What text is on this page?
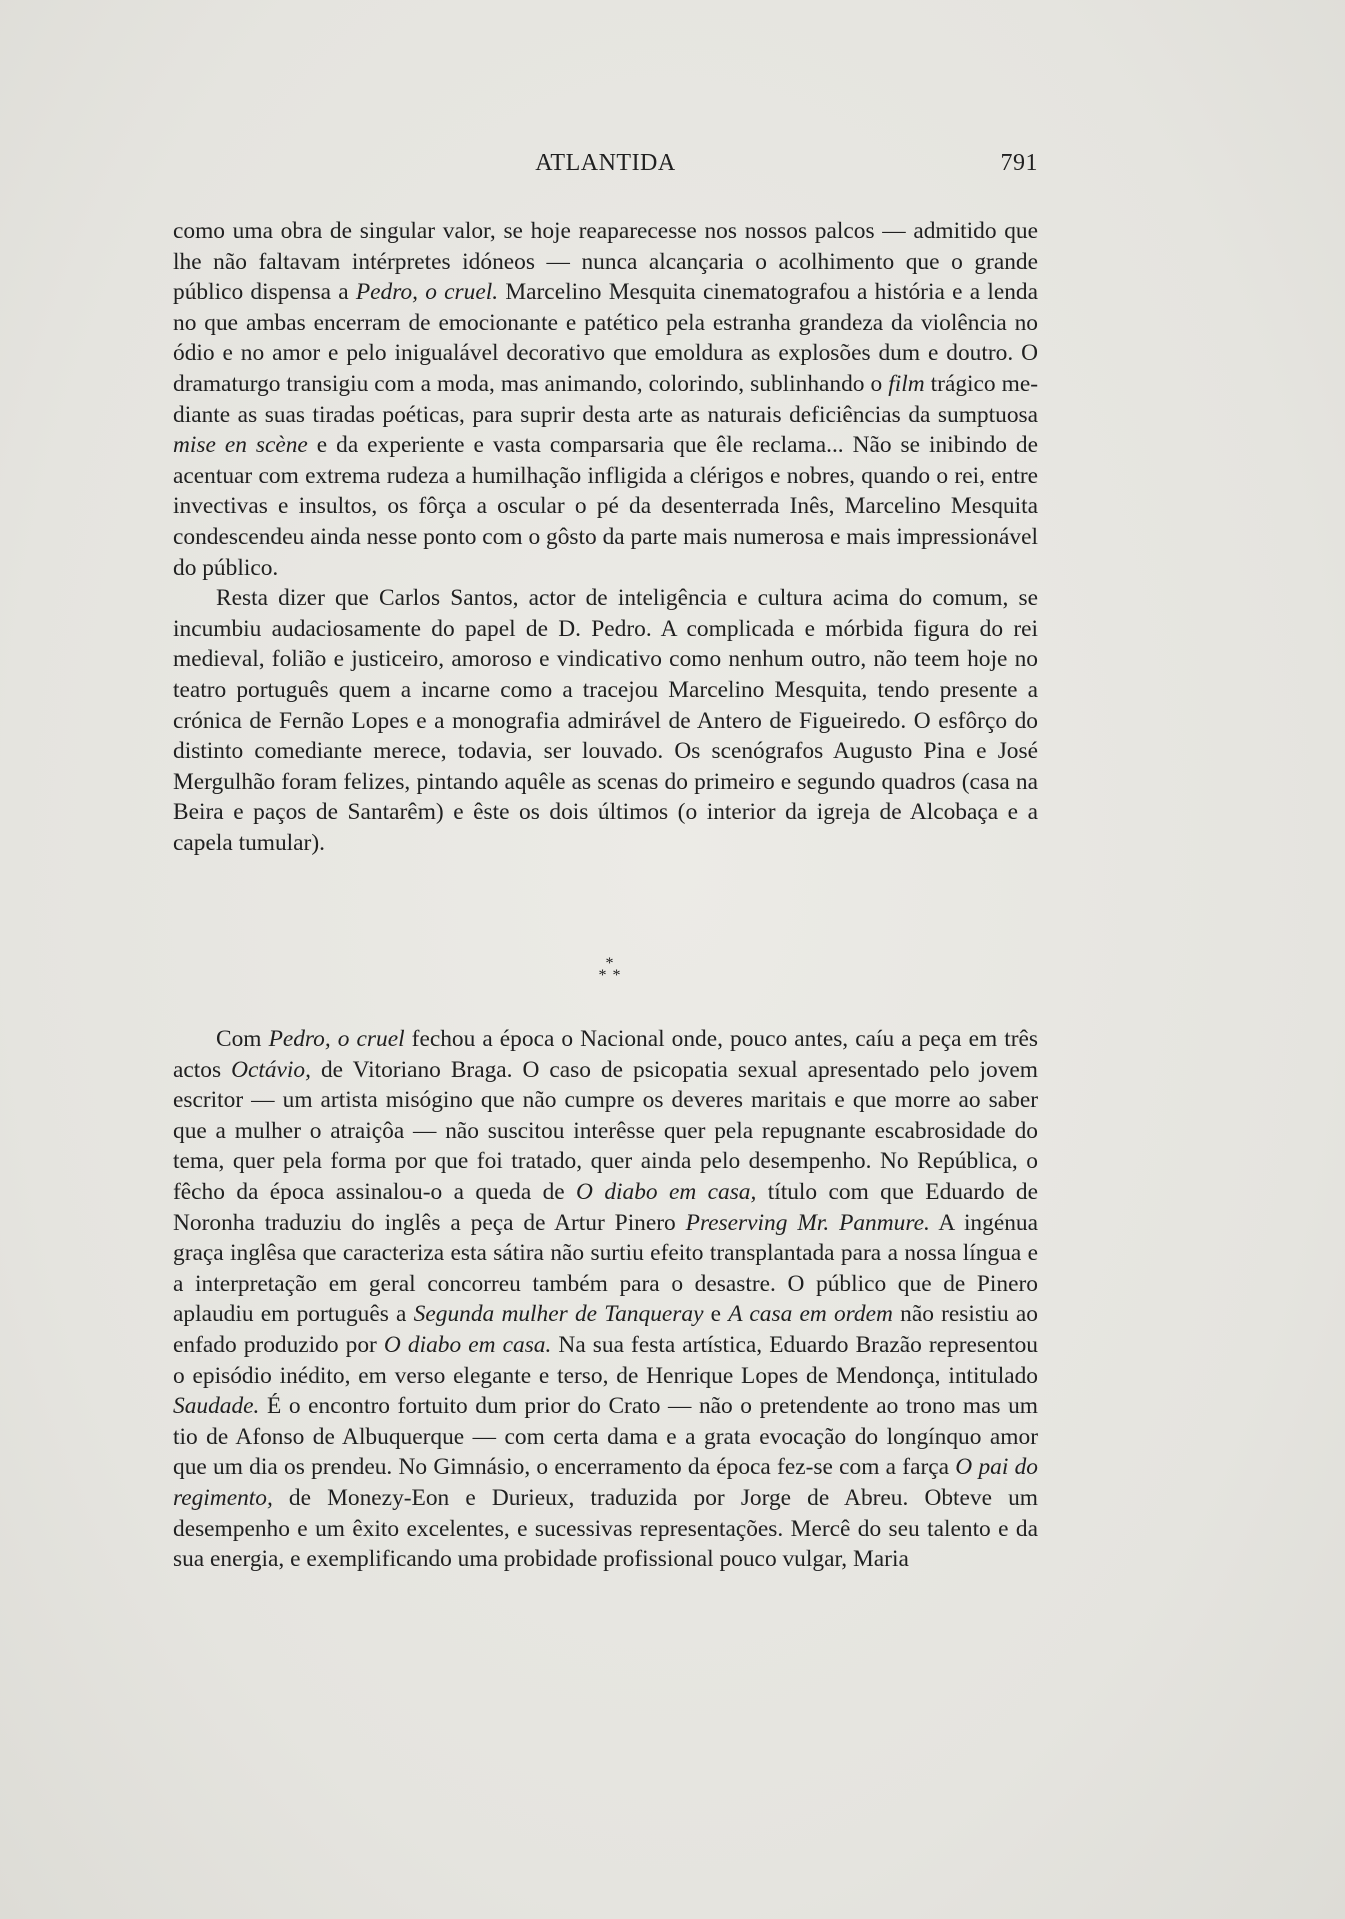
ATLANTIDA	791

como uma obra de singular valor, se hoje reaparecesse nos nossos palcos — admitido que lhe não faltavam intérpretes idóneos — nunca alcançaria o acolhimento que o grande público dispensa a Pedro, o cruel. Marcelino Mesquita cinematografou a história e a lenda no que ambas encerram de emocionante e patético pela estranha grandeza da violência no ódio e no amor e pelo inigualável decorativo que emoldura as explosões dum e doutro. O dramaturgo transigiu com a moda, mas animando, colorindo, sublinhando o film trágico mediante as suas tiradas poéticas, para suprir desta arte as naturais deficiências da sumptuosa mise en scène e da experiente e vasta comparsaria que êle reclama... Não se inibindo de acentuar com extrema rudeza a humilhação infligida a clérigos e nobres, quando o rei, entre invectivas e insultos, os fôrça a oscular o pé da desenterrada Inês, Marcelino Mesquita condescendeu ainda nesse ponto com o gôsto da parte mais numerosa e mais impressionável do público.

Resta dizer que Carlos Santos, actor de inteligência e cultura acima do comum, se incumbiu audaciosamente do papel de D. Pedro. A complicada e mórbida figura do rei medieval, folião e justiceiro, amoroso e vindicativo como nenhum outro, não teem hoje no teatro português quem a incarne como a tracejou Marcelino Mesquita, tendo presente a crónica de Fernão Lopes e a monografia admirável de Antero de Figueiredo. O esfôrço do distinto comediante merece, todavia, ser louvado. Os scenógrafos Augusto Pina e José Mergulhão foram felizes, pintando aquêle as scenas do primeiro e segundo quadros (casa na Beira e paços de Santarêm) e êste os dois últimos (o interior da igreja de Alcobaça e a capela tumular).

*
* *

Com Pedro, o cruel fechou a época o Nacional onde, pouco antes, caíu a peça em três actos Octávio, de Vitoriano Braga. O caso de psicopatia sexual apresentado pelo jovem escritor — um artista misógino que não cumpre os deveres maritais e que morre ao saber que a mulher o atraiçôa — não suscitou interêsse quer pela repugnante escabrosidade do tema, quer pela forma por que foi tratado, quer ainda pelo desempenho. No República, o fêcho da época assinalou-o a queda de O diabo em casa, título com que Eduardo de Noronha traduziu do inglês a peça de Artur Pinero Preserving Mr. Panmure. A ingénua graça inglêsa que caracteriza esta sátira não surtiu efeito transplantada para a nossa língua e a interpretação em geral concorreu também para o desastre. O público que de Pinero aplaudiu em português a Segunda mulher de Tanqueray e A casa em ordem não resistiu ao enfado produzido por O diabo em casa. Na sua festa artística, Eduardo Brazão representou o episódio inédito, em verso elegante e terso, de Henrique Lopes de Mendonça, intitulado Saudade. É o encontro fortuito dum prior do Crato — não o pretendente ao trono mas um tio de Afonso de Albuquerque — com certa dama e a grata evocação do longínquo amor que um dia os prendeu. No Gimnásio, o encerramento da época fez-se com a farça O pai do regimento, de Monezy-Eon e Durieux, traduzida por Jorge de Abreu. Obteve um desempenho e um êxito excelentes, e sucessivas representações. Mercê do seu talento e da sua energia, e exemplificando uma probidade profissional pouco vulgar, Maria
